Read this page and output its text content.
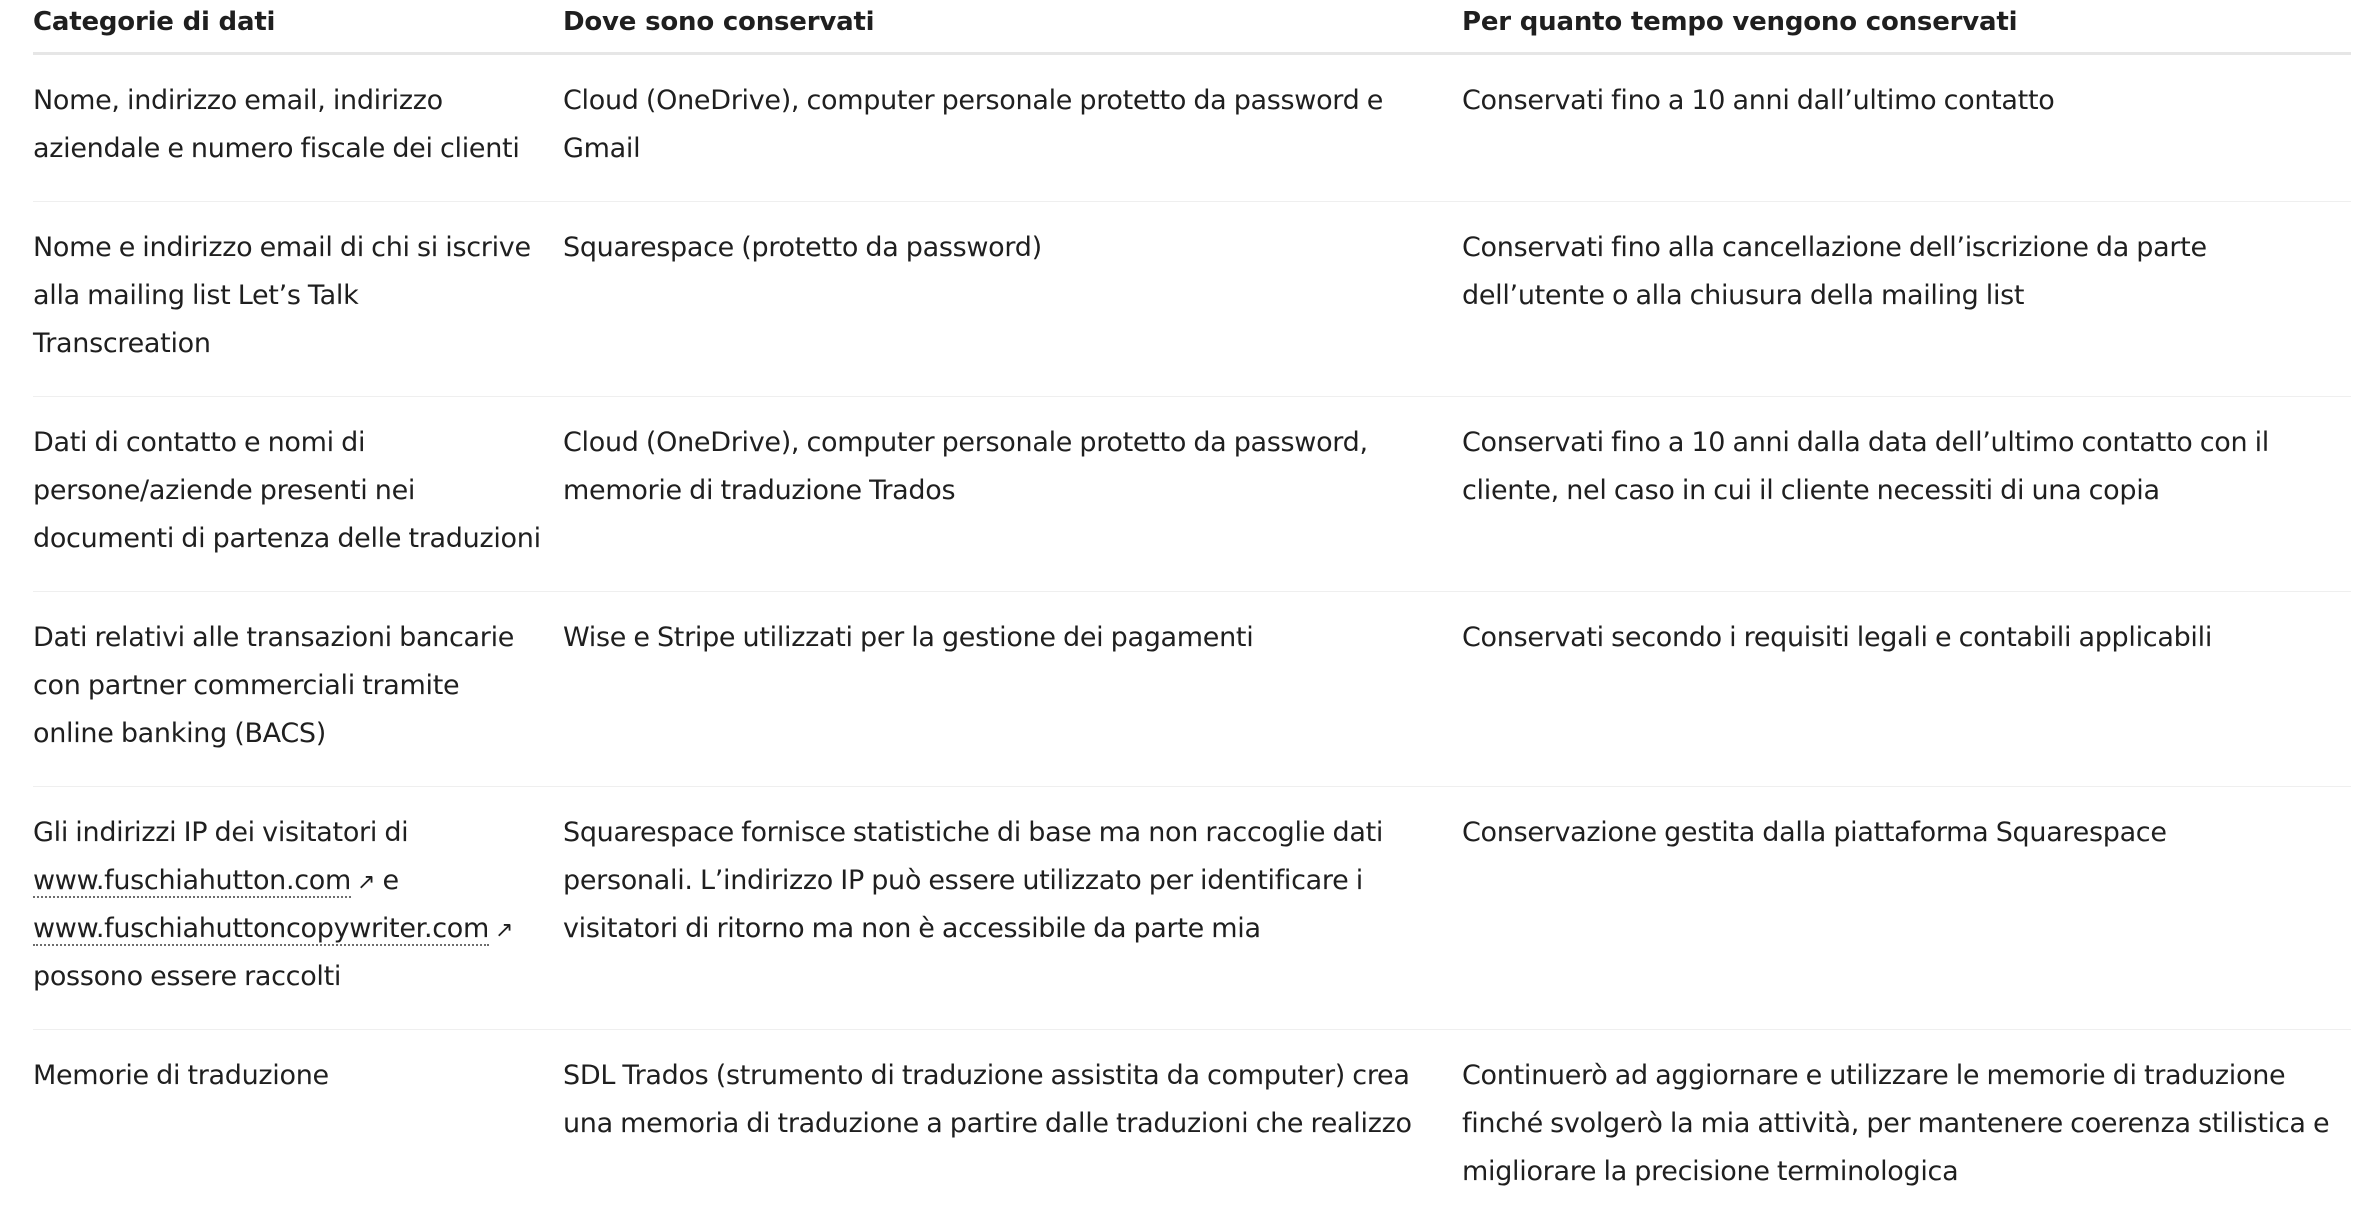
Categorie di dati	Dove sono conservati	Per quanto tempo vengono conservati
Nome, indirizzo email, indirizzo aziendale e numero fiscale dei clienti	Cloud (OneDrive), computer personale protetto da password e Gmail	Conservati fino a 10 anni dall’ultimo contatto
Nome e indirizzo email di chi si iscrive alla mailing list Let’s Talk Transcreation	Squarespace (protetto da password)	Conservati fino alla cancellazione dell’iscrizione da parte dell’utente o alla chiusura della mailing list
Dati di contatto e nomi di persone/aziende presenti nei documenti di partenza delle traduzioni	Cloud (OneDrive), computer personale protetto da password, memorie di traduzione Trados	Conservati fino a 10 anni dalla data dell’ultimo contatto con il cliente, nel caso in cui il cliente necessiti di una copia
Dati relativi alle transazioni bancarie con partner commerciali tramite online banking (BACS)	Wise e Stripe utilizzati per la gestione dei pagamenti	Conservati secondo i requisiti legali e contabili applicabili
Gli indirizzi IP dei visitatori di www.fuschiahutton.com ↗ e www.fuschiahuttoncopywriter.com ↗ possono essere raccolti	Squarespace fornisce statistiche di base ma non raccoglie dati personali. L’indirizzo IP può essere utilizzato per identificare i visitatori di ritorno ma non è accessibile da parte mia	Conservazione gestita dalla piattaforma Squarespace
Memorie di traduzione	SDL Trados (strumento di traduzione assistita da computer) crea una memoria di traduzione a partire dalle traduzioni che realizzo	Continuerò ad aggiornare e utilizzare le memorie di traduzione finché svolgerò la mia attività, per mantenere coerenza stilistica e migliorare la precisione terminologica
